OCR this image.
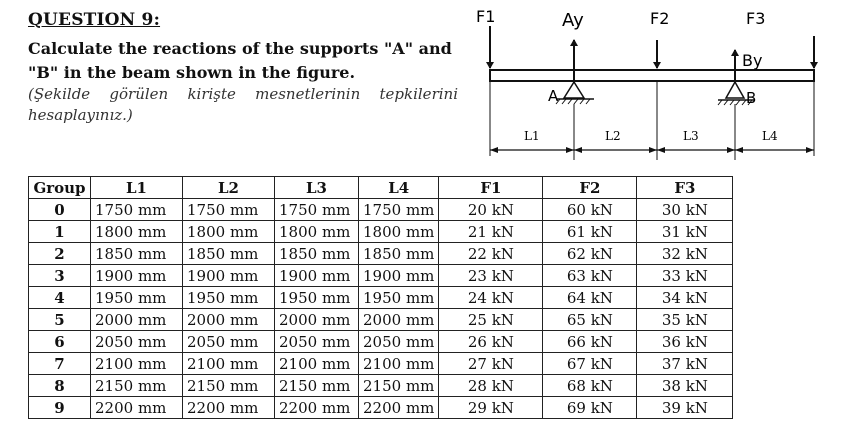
QUESTION 9:
Calculate the reactions of the supports "A" and "B" in the beam shown in the figure.
(Şekilde görülen kirişte mesnetlerinin tepkilerini hesaplayınız.)
F1	Ay	F2	F3
By
A	B
L1	L2	L3	L4
Group	L1	L2	L3	L4	F1	F2	F3
0	1750 mm	1750 mm	1750 mm	1750 mm	20 kN	60 kN	30 kN
1	1800 mm	1800 mm	1800 mm	1800 mm	21 kN	61 kN	31 kN
2	1850 mm	1850 mm	1850 mm	1850 mm	22 kN	62 kN	32 kN
3	1900 mm	1900 mm	1900 mm	1900 mm	23 kN	63 kN	33 kN
4	1950 mm	1950 mm	1950 mm	1950 mm	24 kN	64 kN	34 kN
5	2000 mm	2000 mm	2000 mm	2000 mm	25 kN	65 kN	35 kN
6	2050 mm	2050 mm	2050 mm	2050 mm	26 kN	66 kN	36 kN
7	2100 mm	2100 mm	2100 mm	2100 mm	27 kN	67 kN	37 kN
8	2150 mm	2150 mm	2150 mm	2150 mm	28 kN	68 kN	38 kN
9	2200 mm	2200 mm	2200 mm	2200 mm	29 kN	69 kN	39 kN
